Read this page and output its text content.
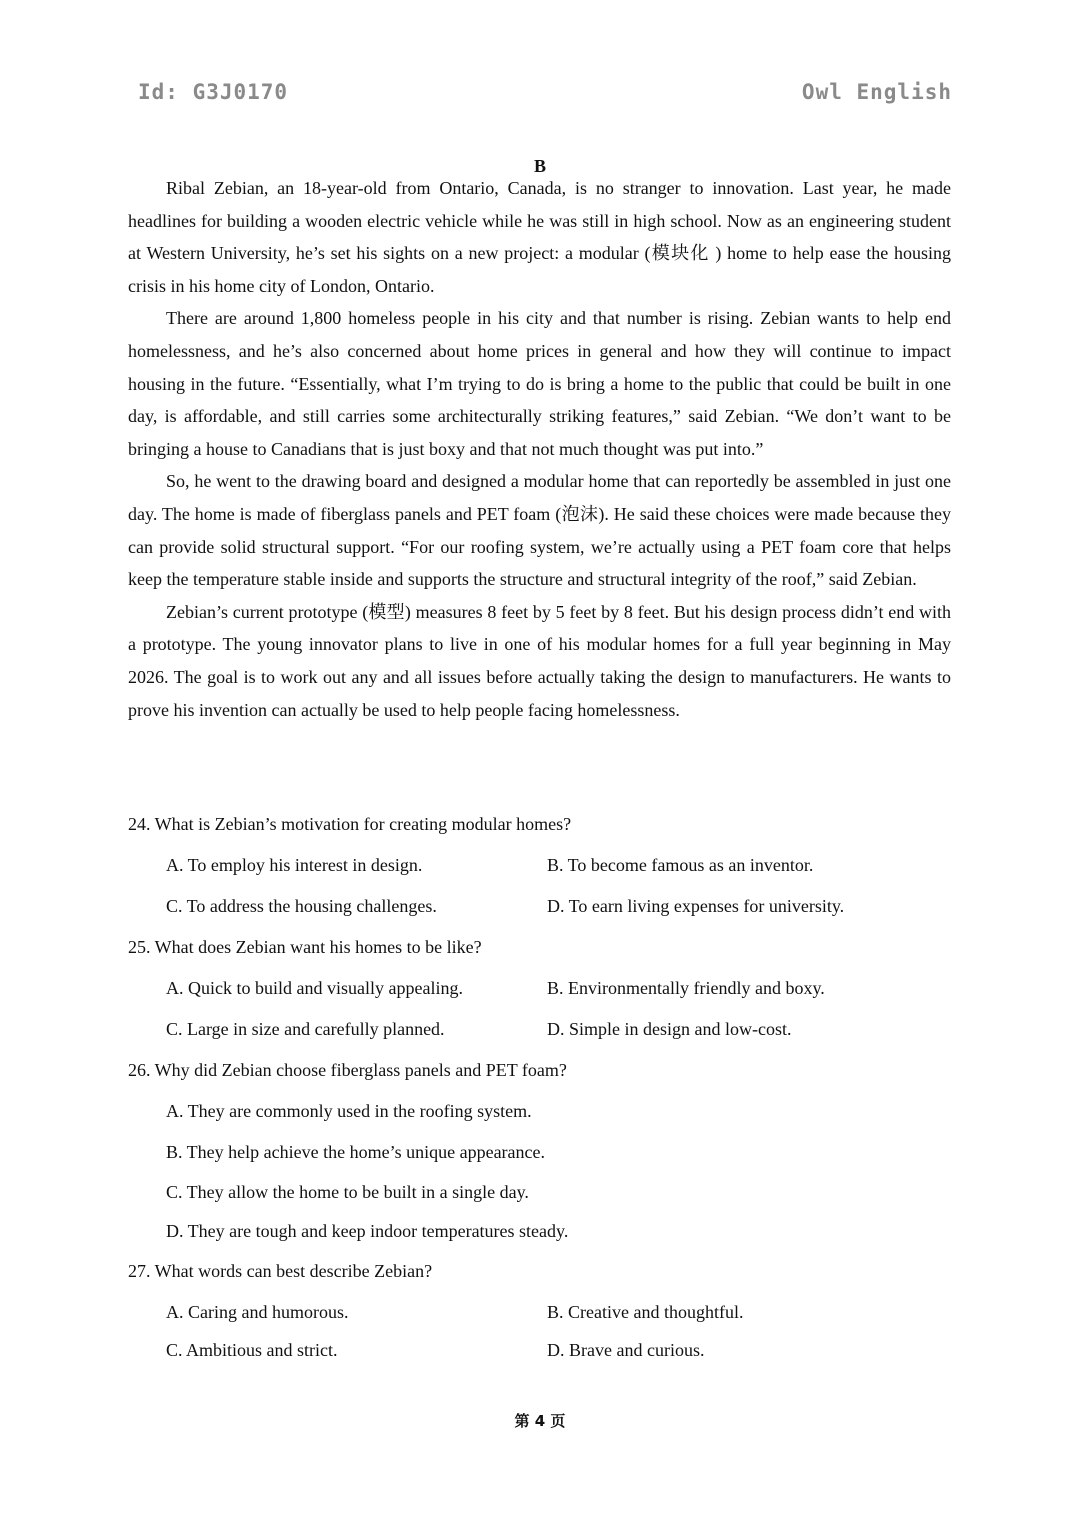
Id: G3J0170	Owl English
B

Ribal Zebian, an 18-year-old from Ontario, Canada, is no stranger to innovation. Last year, he made headlines for building a wooden electric vehicle while he was still in high school. Now as an engineering student at Western University, he’s set his sights on a new project: a modular (模块化 ) home to help ease the housing crisis in his home city of London, Ontario.

There are around 1,800 homeless people in his city and that number is rising. Zebian wants to help end homelessness, and he’s also concerned about home prices in general and how they will continue to impact housing in the future. “Essentially, what I’m trying to do is bring a home to the public that could be built in one day, is affordable, and still carries some architecturally striking features,” said Zebian. “We don’t want to be bringing a house to Canadians that is just boxy and that not much thought was put into.”

So, he went to the drawing board and designed a modular home that can reportedly be assembled in just one day. The home is made of fiberglass panels and PET foam (泡沫). He said these choices were made because they can provide solid structural support. “For our roofing system, we’re actually using a PET foam core that helps keep the temperature stable inside and supports the structure and structural integrity of the roof,” said Zebian.

Zebian’s current prototype (模型) measures 8 feet by 5 feet by 8 feet. But his design process didn’t end with a prototype. The young innovator plans to live in one of his modular homes for a full year beginning in May 2026. The goal is to work out any and all issues before actually taking the design to manufacturers. He wants to prove his invention can actually be used to help people facing homelessness.

24. What is Zebian’s motivation for creating modular homes?
A. To employ his interest in design.	B. To become famous as an inventor.
C. To address the housing challenges.	D. To earn living expenses for university.
25. What does Zebian want his homes to be like?
A. Quick to build and visually appealing.	B. Environmentally friendly and boxy.
C. Large in size and carefully planned.	D. Simple in design and low-cost.
26. Why did Zebian choose fiberglass panels and PET foam?
A. They are commonly used in the roofing system.
B. They help achieve the home’s unique appearance.
C. They allow the home to be built in a single day.
D. They are tough and keep indoor temperatures steady.
27. What words can best describe Zebian?
A. Caring and humorous.	B. Creative and thoughtful.
C. Ambitious and strict.	D. Brave and curious.
第 4 页
